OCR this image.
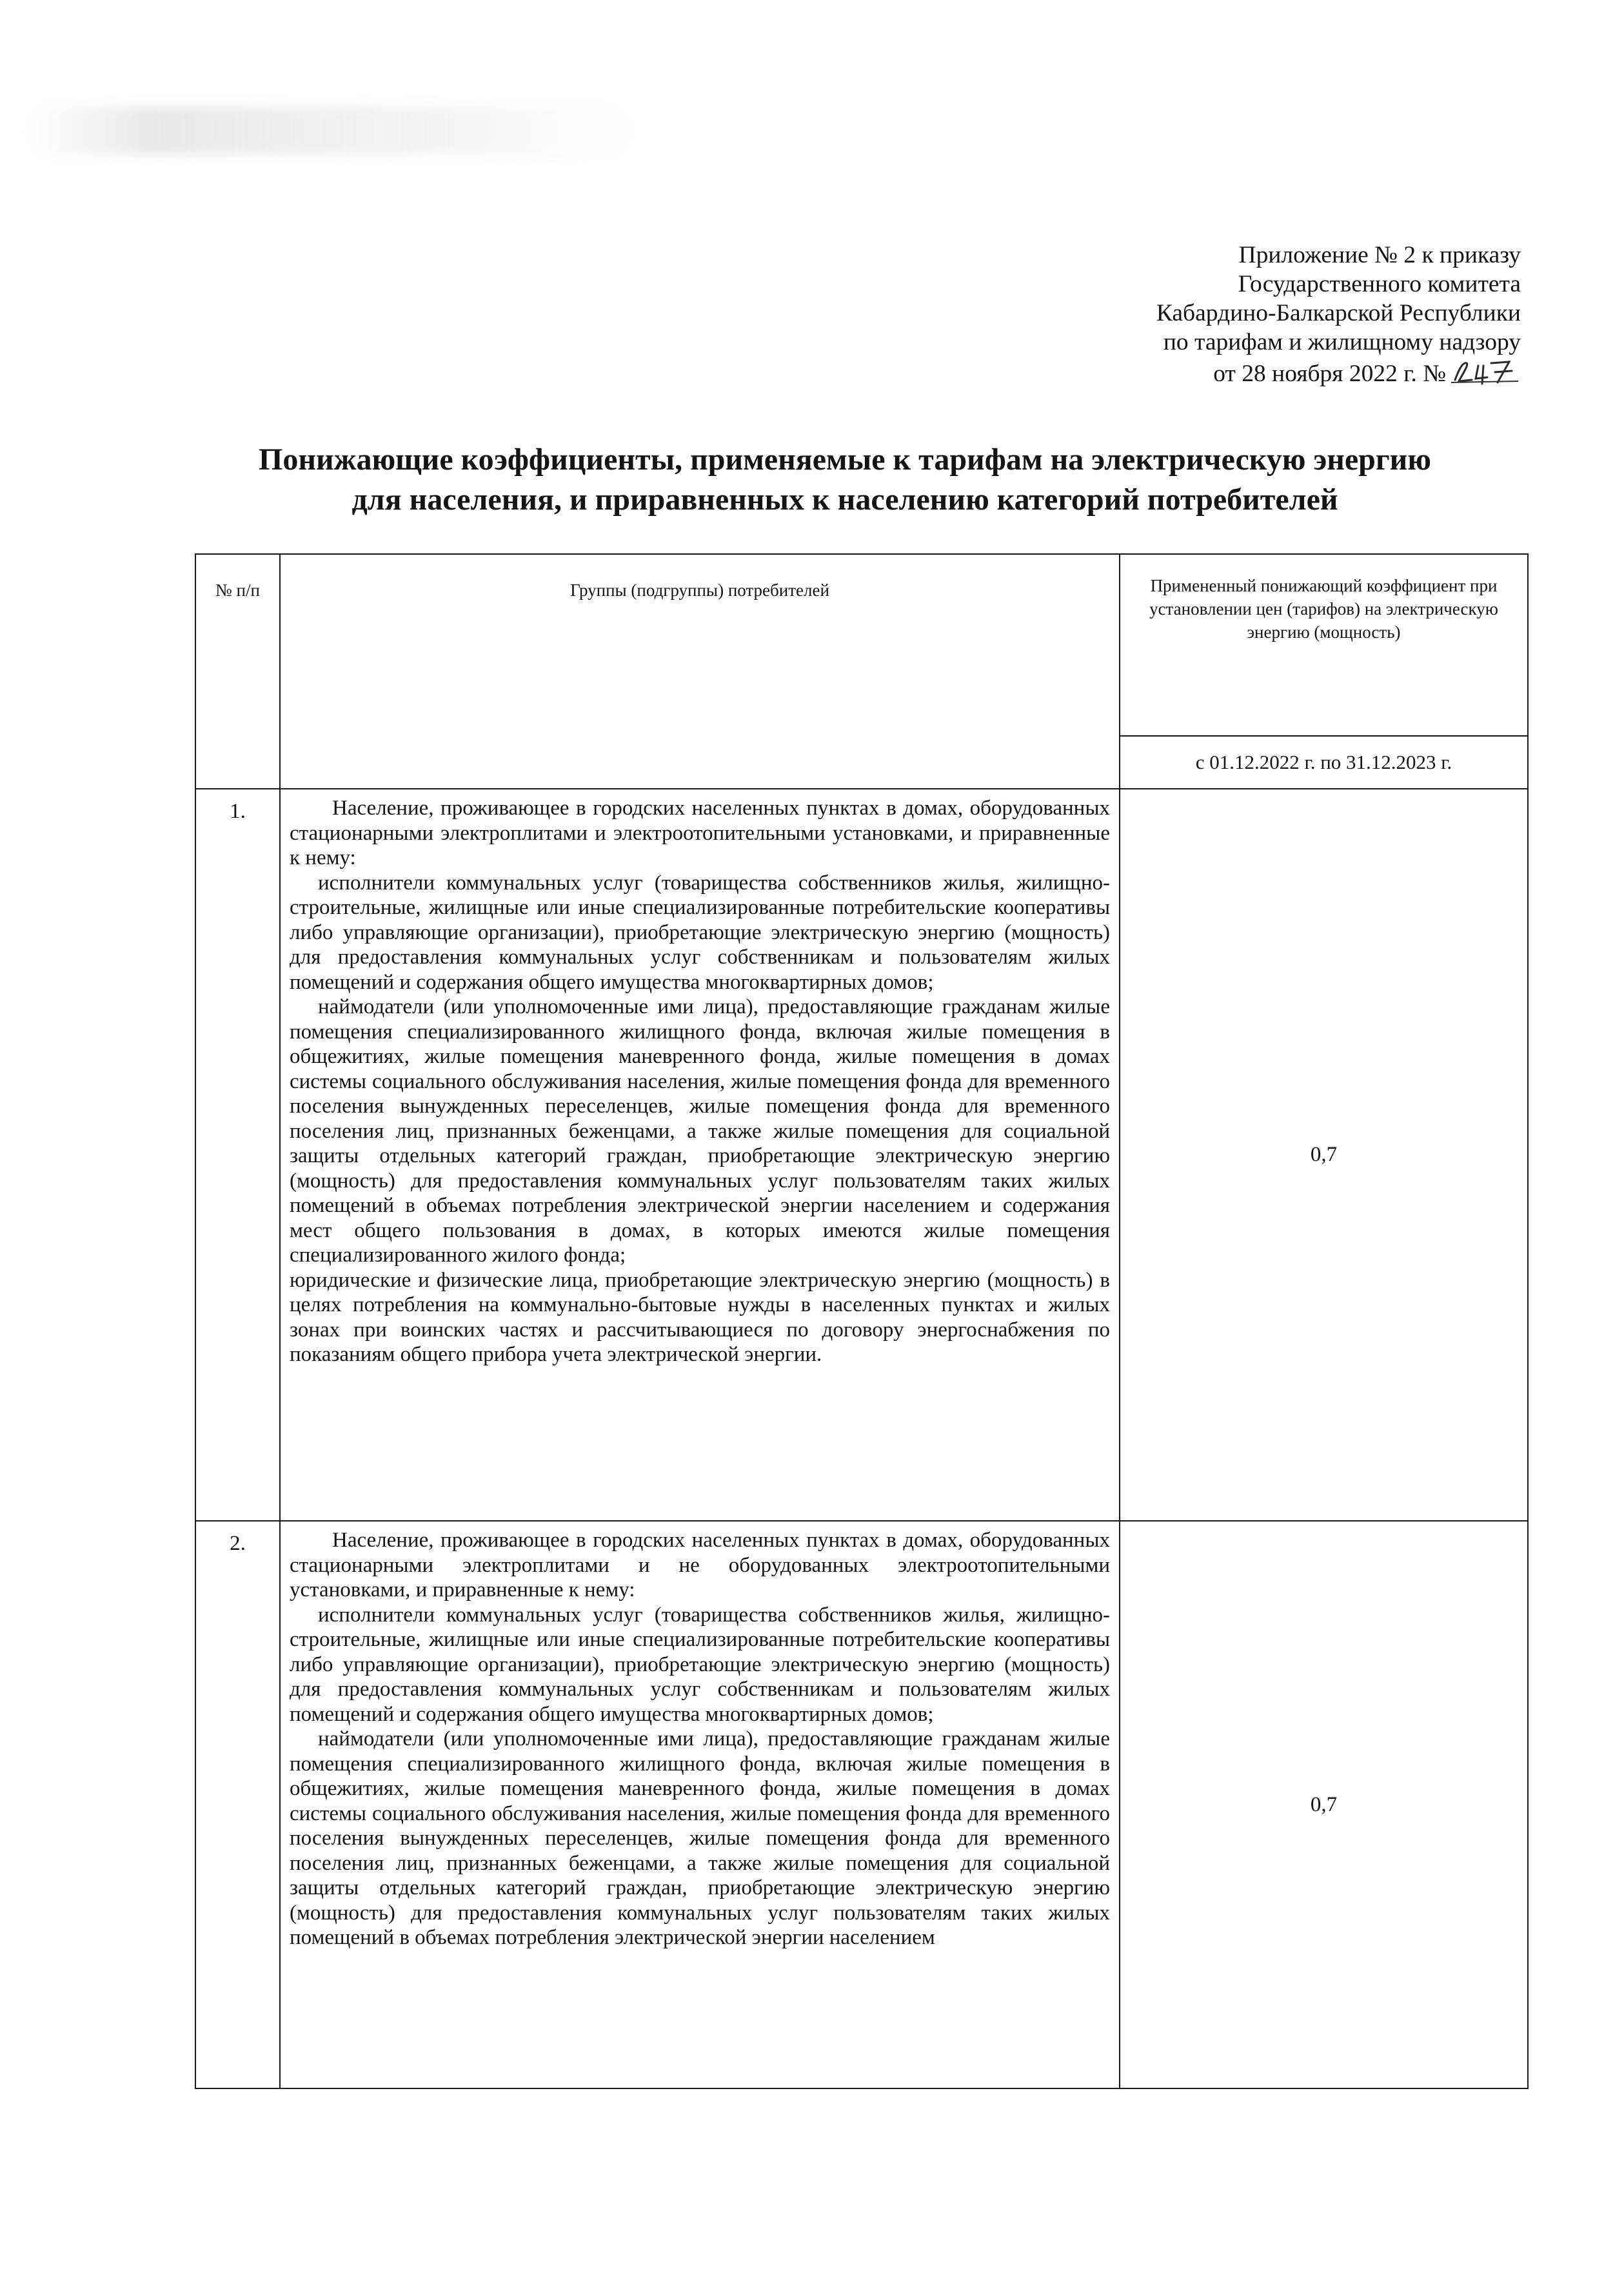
Приложение № 2 к приказу
Государственного комитета
Кабардино-Балкарской Республики
по тарифам и жилищному надзору
от 28 ноября 2022 г. №
Понижающие коэффициенты, применяемые к тарифам на электрическую энергию
для населения, и приравненных к населению категорий потребителей
№ п/п	Группы (подгруппы) потребителей	Примененный понижающий коэффициент при установлении цен (тарифов) на электрическую энергию (мощность)
		с 01.12.2022 г. по 31.12.2023 г.
1.	Население, проживающее в городских населенных пунктах в домах, оборудованных стационарными электроплитами и электроотопительными установками, и приравненные к нему:

исполнители коммунальных услуг (товарищества собственников жилья, жилищно-строительные, жилищные или иные специализированные потребительские кооперативы либо управляющие организации), приобретающие электрическую энергию (мощность) для предоставления коммунальных услуг собственникам и пользователям жилых помещений и содержания общего имущества многоквартирных домов;

наймодатели (или уполномоченные ими лица), предоставляющие гражданам жилые помещения специализированного жилищного фонда, включая жилые помещения в общежитиях, жилые помещения маневренного фонда, жилые помещения в домах системы социального обслуживания населения, жилые помещения фонда для временного поселения вынужденных переселенцев, жилые помещения фонда для временного поселения лиц, признанных беженцами, а также жилые помещения для социальной защиты отдельных категорий граждан, приобретающие электрическую энергию (мощность) для предоставления коммунальных услуг пользователям таких жилых помещений в объемах потребления электрической энергии населением и содержания мест общего пользования в домах, в которых имеются жилые помещения специализированного жилого фонда;

юридические и физические лица, приобретающие электрическую энергию (мощность) в целях потребления на коммунально-бытовые нужды в населенных пунктах и жилых зонах при воинских частях и рассчитывающиеся по договору энергоснабжения по показаниям общего прибора учета электрической энергии.	0,7
2.	Население, проживающее в городских населенных пунктах в домах, оборудованных стационарными электроплитами и не оборудованных электроотопительными установками, и приравненные к нему:

исполнители коммунальных услуг (товарищества собственников жилья, жилищно-строительные, жилищные или иные специализированные потребительские кооперативы либо управляющие организации), приобретающие электрическую энергию (мощность) для предоставления коммунальных услуг собственникам и пользователям жилых помещений и содержания общего имущества многоквартирных домов;

наймодатели (или уполномоченные ими лица), предоставляющие гражданам жилые помещения специализированного жилищного фонда, включая жилые помещения в общежитиях, жилые помещения маневренного фонда, жилые помещения в домах системы социального обслуживания населения, жилые помещения фонда для временного поселения вынужденных переселенцев, жилые помещения фонда для временного поселения лиц, признанных беженцами, а также жилые помещения для социальной защиты отдельных категорий граждан, приобретающие электрическую энергию (мощность) для предоставления коммунальных услуг пользователям таких жилых помещений в объемах потребления электрической энергии населением	0,7
